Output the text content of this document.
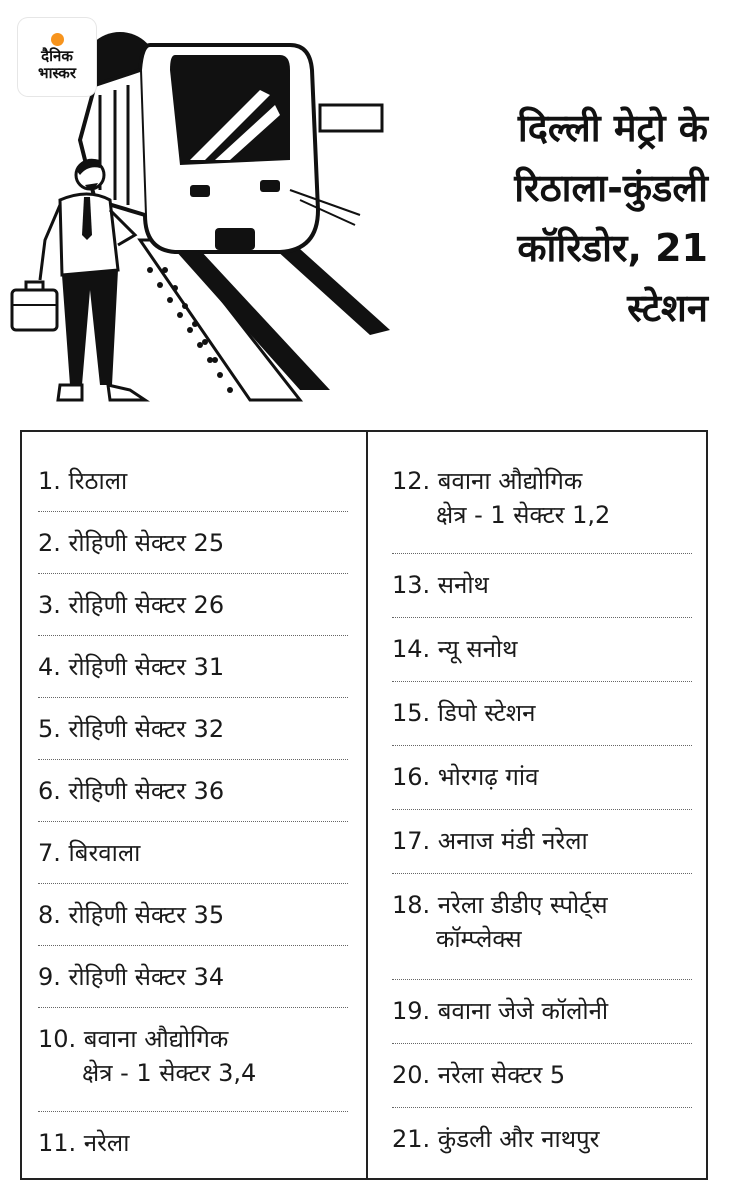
दैनिक
भास्कर
दिल्ली मेट्रो के
रिठाला-कुंडली
कॉरिडोर, 21
स्टेशन
1. रिठाला
2. रोहिणी सेक्टर 25
3. रोहिणी सेक्टर 26
4. रोहिणी सेक्टर 31
5. रोहिणी सेक्टर 32
6. रोहिणी सेक्टर 36
7. बिरवाला
8. रोहिणी सेक्टर 35
9. रोहिणी सेक्टर 34
10. बवाना औद्योगिक
क्षेत्र - 1 सेक्टर 3,4
11. नरेला
12. बवाना औद्योगिक
क्षेत्र - 1 सेक्टर 1,2
13. सनोथ
14. न्यू सनोथ
15. डिपो स्टेशन
16. भोरगढ़ गांव
17. अनाज मंडी नरेला
18. नरेला डीडीए स्पोर्ट्स
कॉम्प्लेक्स
19. बवाना जेजे कॉलोनी
20. नरेला सेक्टर 5
21. कुंडली और नाथपुर
